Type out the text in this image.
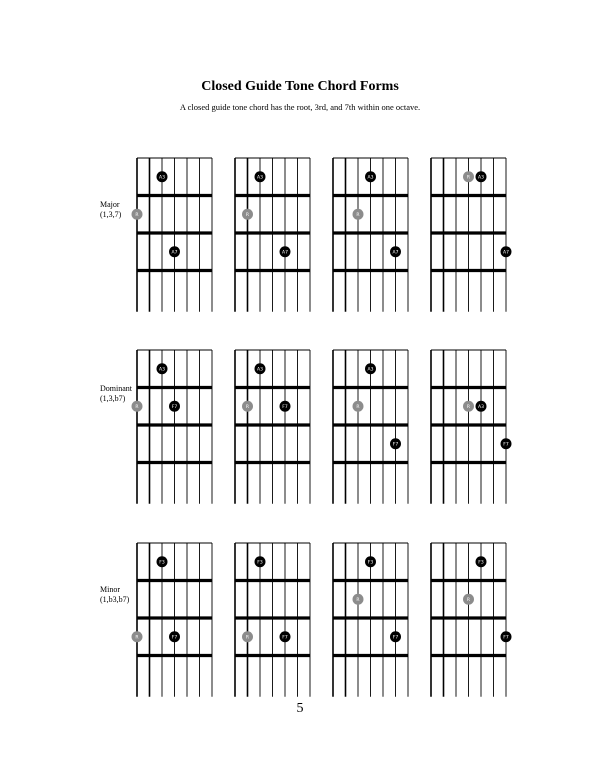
Closed Guide Tone Chord Forms
A closed guide tone chord has the root, 3rd, and 7th within one octave.
Major
(1,3,7)
Dominant
(1,3,b7)
Minor
(1,b3,b7)
A3
R
A7
A3
R
A7
A3
R
A7
R A3
A7
A3
R	F7
A3
R	F7
A3
R
F7
R A3
F7
F3
R	F7
F3
R	F7
F3
R
F7
F3
R
F7
5
